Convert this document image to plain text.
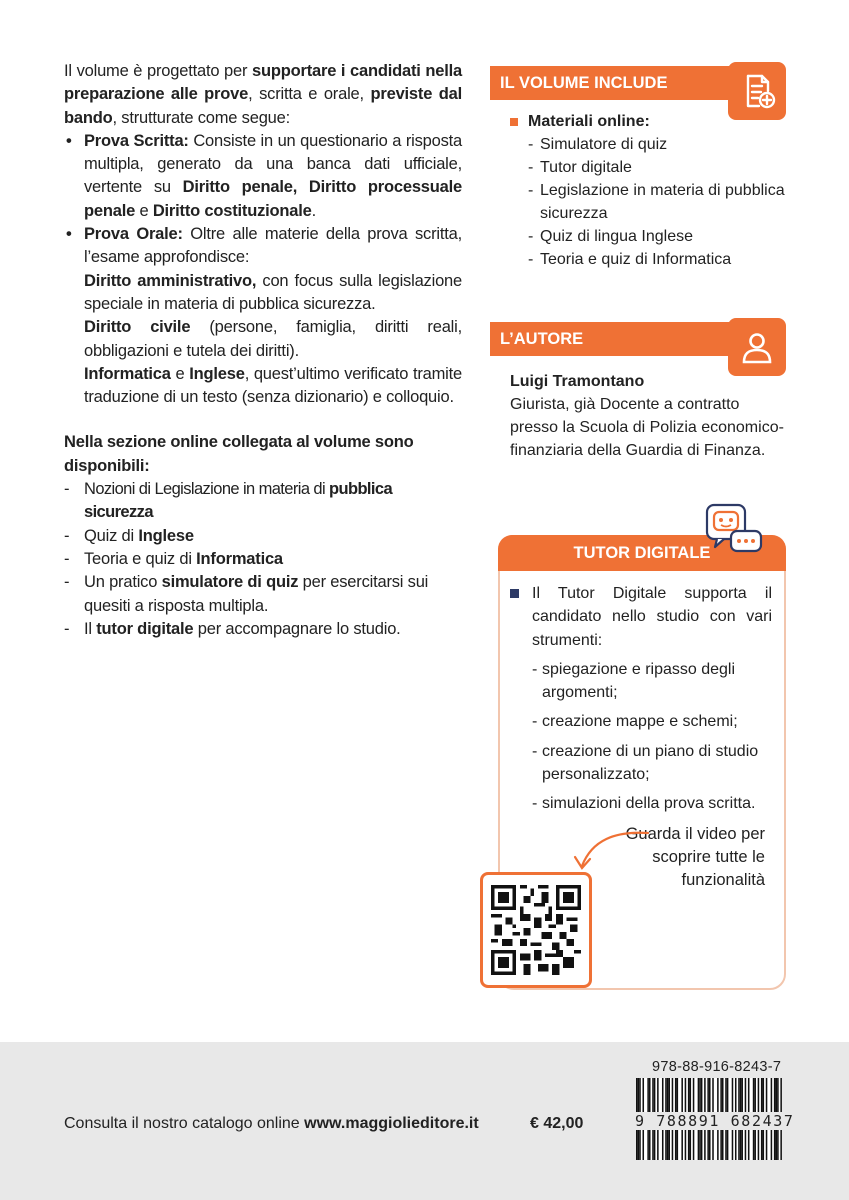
Il volume è progettato per supportare i candidati nella preparazione alle prove, scritta e orale, previste dal bando, strutturate come segue:

• Prova Scritta: Consiste in un questionario a risposta multipla, generato da una banca dati ufficiale, vertente su Diritto penale, Diritto processuale penale e Diritto costituzionale.
• Prova Orale: Oltre alle materie della prova scritta, l’esame approfondisce:

Diritto amministrativo, con focus sulla legislazione speciale in materia di pubblica sicurezza.

Diritto civile (persone, famiglia, diritti reali, obbligazioni e tutela dei diritti).

Informatica e Inglese, quest’ultimo verificato tramite traduzione di un testo (senza dizionario) e colloquio.

Nella sezione online collegata al volume sono disponibili:

- Nozioni di Legislazione in materia di pubblica sicurezza
- Quiz di Inglese
- Teoria e quiz di Informatica
- Un pratico simulatore di quiz per esercitarsi sui quesiti a risposta multipla.
- Il tutor digitale per accompagnare lo studio.
IL VOLUME INCLUDE
Materiali online:
- Simulatore di quiz
- Tutor digitale
- Legislazione in materia di pubblica sicurezza
- Quiz di lingua Inglese
- Teoria e quiz di Informatica
L’AUTORE
Luigi Tramontano
Giurista, già Docente a contratto presso la Scuola di Polizia economico-finanziaria della Guardia di Finanza.
TUTOR DIGITALE
Il Tutor Digitale supporta il candidato nello studio con vari strumenti:
- spiegazione e ripasso degli argomenti;
- creazione mappe e schemi;
- creazione di un piano di studio personalizzato;
- simulazioni della prova scritta.
Guarda il video per scoprire tutte le funzionalità
Consulta il nostro catalogo online www.maggiolieditore.it	€ 42,00
978-88-916-8243-7
9 788891 682437
